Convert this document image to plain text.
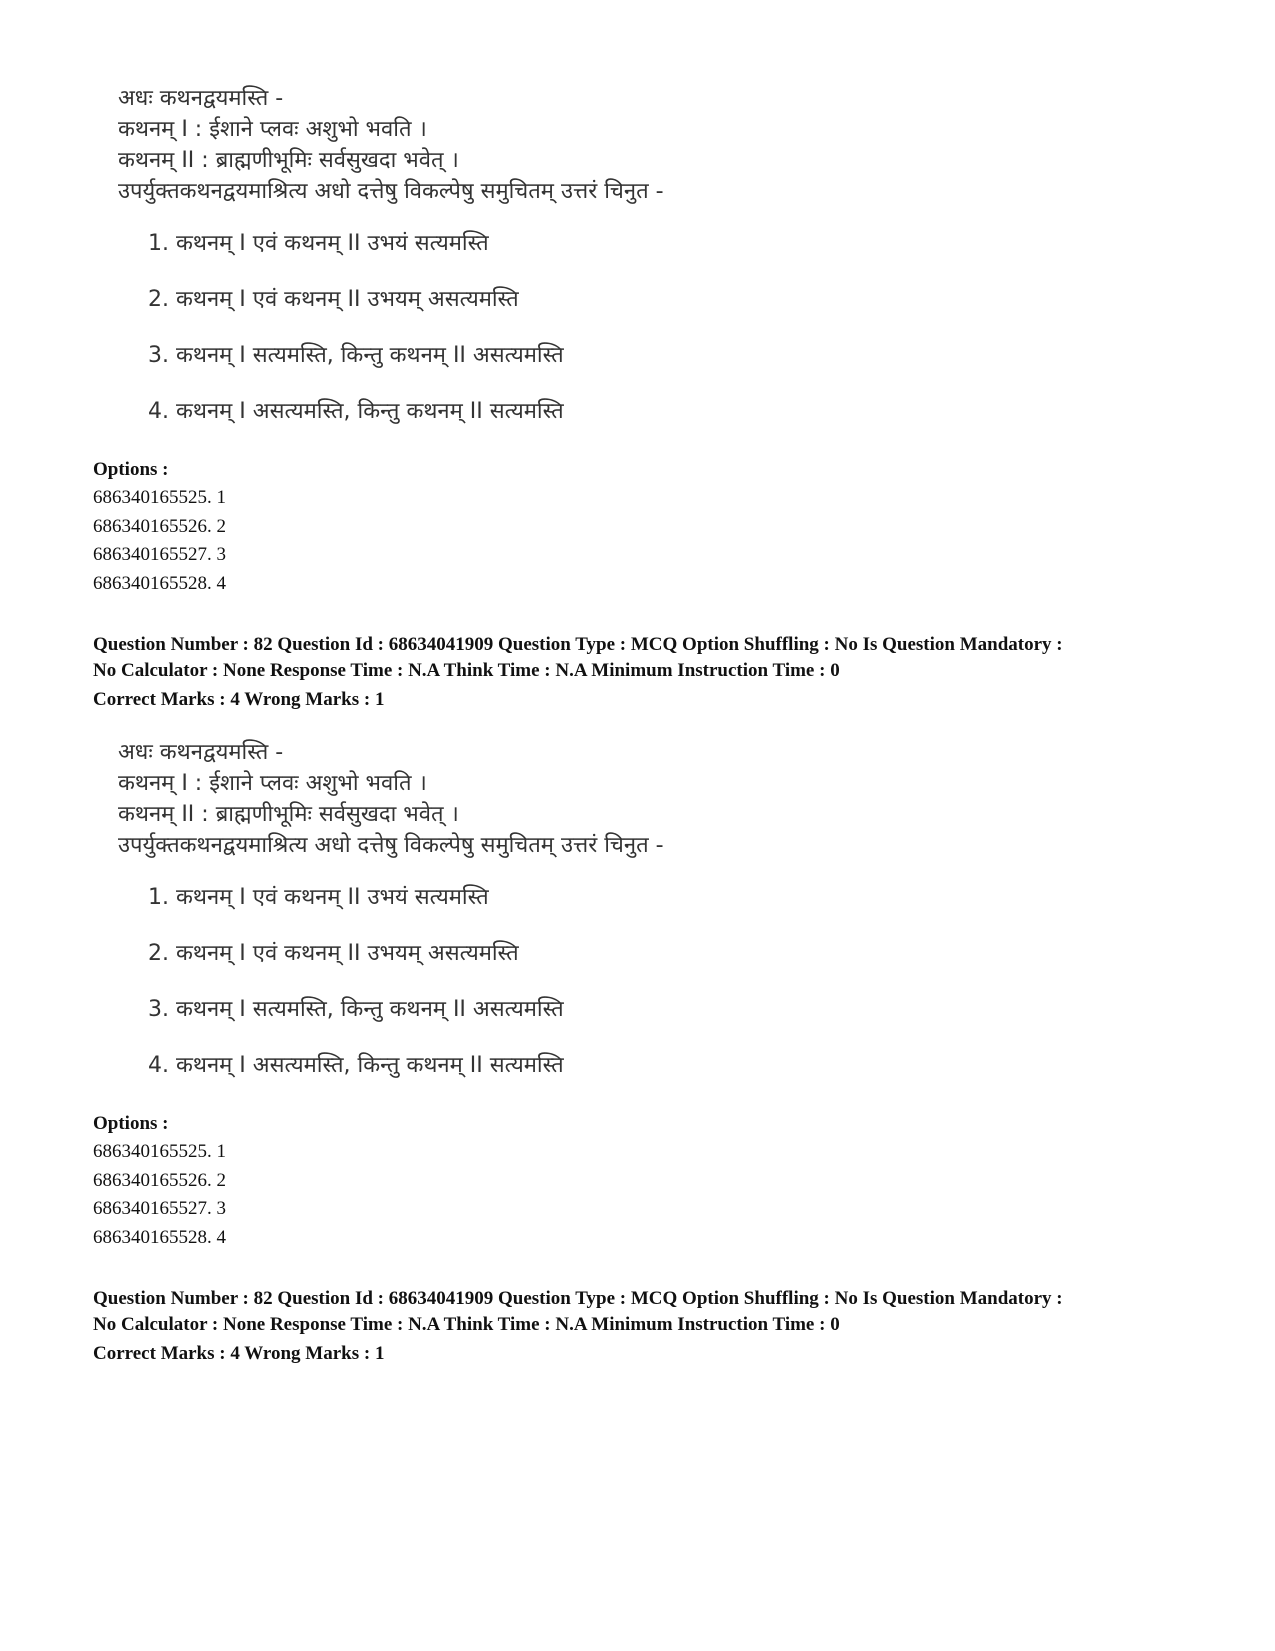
अधः कथनद्वयमस्ति -
कथनम् I : ईशाने प्लवः अशुभो भवति ।
कथनम् II : ब्राह्मणीभूमिः सर्वसुखदा भवेत् ।
उपर्युक्तकथनद्वयमाश्रित्य अधो दत्तेषु विकल्पेषु समुचितम् उत्तरं चिनुत -
1. कथनम् I एवं कथनम् II उभयं सत्यमस्ति
2. कथनम् I एवं कथनम् II उभयम् असत्यमस्ति
3. कथनम् I सत्यमस्ति, किन्तु कथनम् II असत्यमस्ति
4. कथनम् I असत्यमस्ति, किन्तु कथनम् II सत्यमस्ति
Options :
686340165525. 1
686340165526. 2
686340165527. 3
686340165528. 4
Question Number : 82 Question Id : 68634041909 Question Type : MCQ Option Shuffling : No Is Question Mandatory :
No Calculator : None Response Time : N.A Think Time : N.A Minimum Instruction Time : 0
Correct Marks : 4 Wrong Marks : 1
अधः कथनद्वयमस्ति -
कथनम् I : ईशाने प्लवः अशुभो भवति ।
कथनम् II : ब्राह्मणीभूमिः सर्वसुखदा भवेत् ।
उपर्युक्तकथनद्वयमाश्रित्य अधो दत्तेषु विकल्पेषु समुचितम् उत्तरं चिनुत -
1. कथनम् I एवं कथनम् II उभयं सत्यमस्ति
2. कथनम् I एवं कथनम् II उभयम् असत्यमस्ति
3. कथनम् I सत्यमस्ति, किन्तु कथनम् II असत्यमस्ति
4. कथनम् I असत्यमस्ति, किन्तु कथनम् II सत्यमस्ति
Options :
686340165525. 1
686340165526. 2
686340165527. 3
686340165528. 4
Question Number : 82 Question Id : 68634041909 Question Type : MCQ Option Shuffling : No Is Question Mandatory :
No Calculator : None Response Time : N.A Think Time : N.A Minimum Instruction Time : 0
Correct Marks : 4 Wrong Marks : 1
